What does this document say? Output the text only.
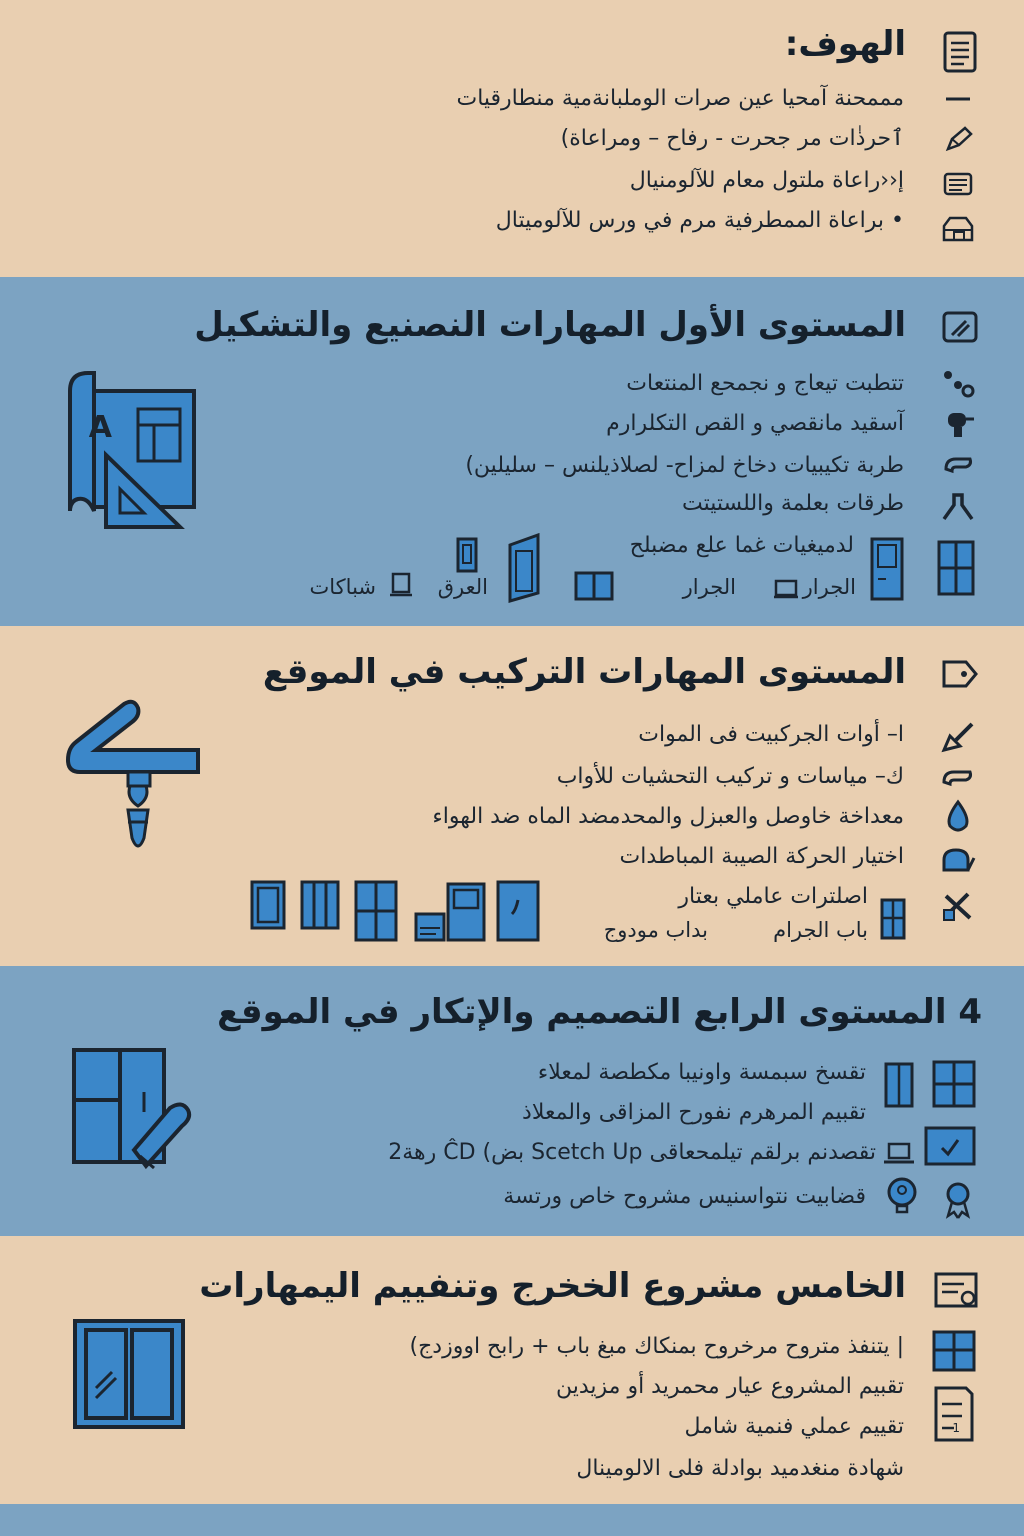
الهوف:
مممحنة آمحيا عين صرات الوملبانةمية منطارقيات
ٱحرذٰات مر جحرت - رفاح – ومراعاة)
إ‹‹راعاة ملتول معام للآلومنيال
• براعاة الممطرفية مرم في ورس للآلوميتال
المستوى الأول المهارات النصنيع والتشكيل
تتطبت تيعاج و نجمحع المنتعات
آسقيد مانقصي و القص التكلرارم
طربة تكيبيات دخاخ لمزاح- لصلاذيلنس – سليلين)
طرقات بعلمة واللستيتت
لدميغيات غما علع مضبلح
الجرار
الجرار
العرق
شباكات
A
المستوى المهارات التركيب في الموقع
ا– أوات الجركبيت فى الموات
ك– مياسات و تركيب التحشيات للأواب
معداخة خاوصل والعبزل والمحدمضد الماه ضد الهواء
اختيار الحركة الصيبة المباطدات
اصلترات عاملي بعتار
باب الجرام
بداب مودوج
4 المستوى الرابع التصميم والإتكار في الموقع
تقسخ سبمسة واونيبا مكطصة لمعلاء
تقبيم المرهرم نفورح المزاقى والمعلاذ
تقصدنم برلقم تيلمحعاقى Scetch Up بض) ĈD رهة2
قضابيت نتواسنيس مشروح خاص ورتسة
الخامس مشروع الخخرج وتنفييم اليمهارات
| يتنفذ متروح مرخروح بمنكاك مبغ باب + رابح اووزدج)
1
تقبيم المشروع عيار محمريد أو مزيدين
تقييم عملي فنمية شامل
شهادة منغدميد بوادلة فلى الالومينال
